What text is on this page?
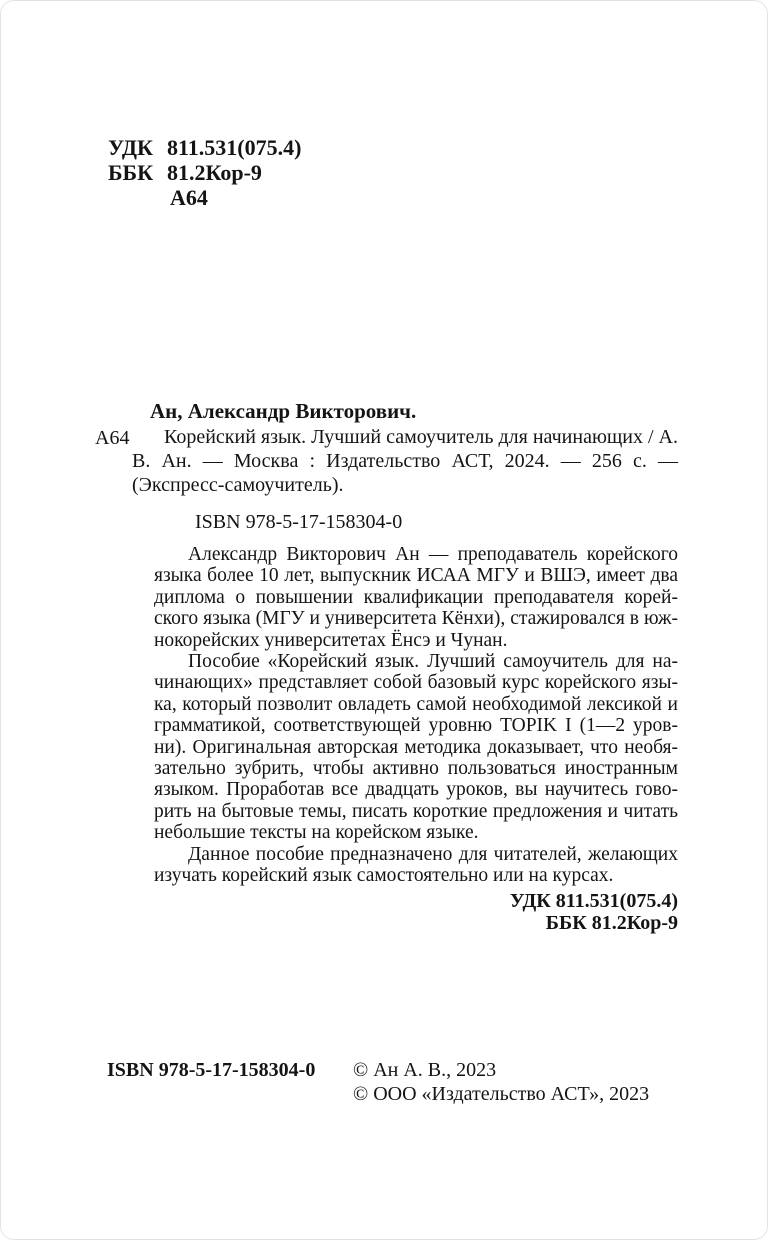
УДК 811.531(075.4)
ББК 81.2Кор-9
А64
Ан, Александр Викторович.
А64	Корейский язык. Лучший самоучитель для начинающих / А. В. Ан. — Москва : Издательство АСТ, 2024. — 256 с. — (Экспресс-самоучитель).
ISBN 978-5-17-158304-0

Александр Викторович Ан — преподаватель корейского языка более 10 лет, выпускник ИСАА МГУ и ВШЭ, имеет два диплома о повышении квалификации преподавателя корейского языка (МГУ и университета Кёнхи), стажировался в южнокорейских университетах Ёнсэ и Чунан.

Пособие «Корейский язык. Лучший самоучитель для начинающих» представляет собой базовый курс корейского языка, который позволит овладеть самой необходимой лексикой и грамматикой, соответствующей уровню TOPIK I (1—2 уровни). Оригинальная авторская методика доказывает, что необязательно зубрить, чтобы активно пользоваться иностранным языком. Проработав все двадцать уроков, вы научитесь говорить на бытовые темы, писать короткие предложения и читать небольшие тексты на корейском языке.

Данное пособие предназначено для читателей, желающих изучать корейский язык самостоятельно или на курсах.

УДК 811.531(075.4)
ББК 81.2Кор-9
ISBN 978-5-17-158304-0 © Ан А. В., 2023
© ООО «Издательство АСТ», 2023
